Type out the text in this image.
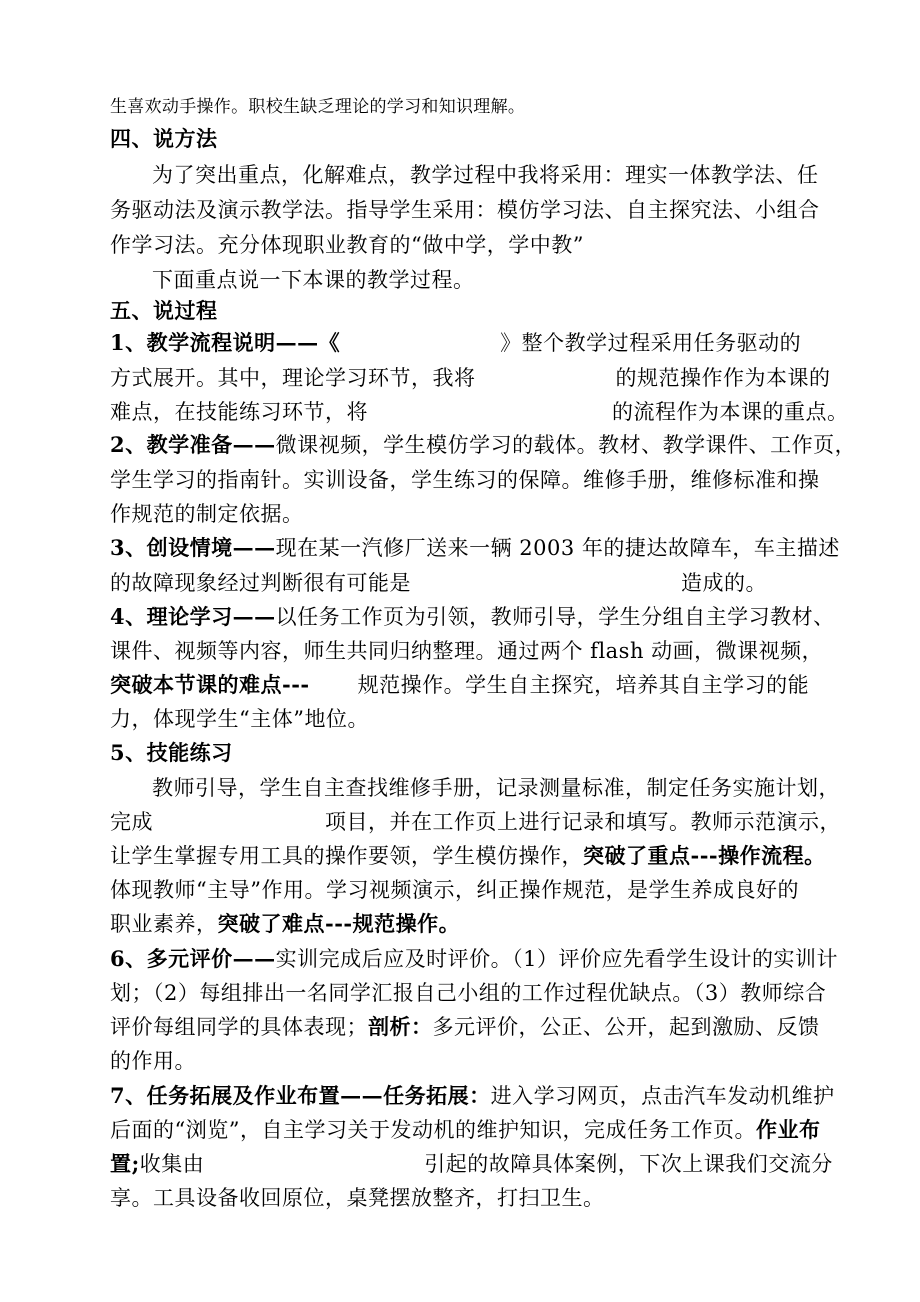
生喜欢动手操作。职校生缺乏理论的学习和知识理解。
四、说方法
为了突出重点，化解难点，教学过程中我将采用：理实一体教学法、任
务驱动法及演示教学法。指导学生采用：模仿学习法、自主探究法、小组合
作学习法。充分体现职业教育的“做中学，学中教”
下面重点说一下本课的教学过程。
五、说过程
1、教学流程说明——《	》整个教学过程采用任务驱动的
方式展开。其中，理论学习环节，我将	的规范操作作为本课的
难点，在技能练习环节，将	的流程作为本课的重点。
2、教学准备——微课视频，学生模仿学习的载体。教材、教学课件、工作页，
学生学习的指南针。实训设备，学生练习的保障。维修手册，维修标准和操
作规范的制定依据。
3、创设情境——现在某一汽修厂送来一辆 2003 年的捷达故障车，车主描述
的故障现象经过判断很有可能是	造成的。
4、理论学习——以任务工作页为引领，教师引导，学生分组自主学习教材、
课件、视频等内容，师生共同归纳整理。通过两个 flash 动画，微课视频，
突破本节课的难点--- 规范操作。学生自主探究，培养其自主学习的能
力，体现学生“主体”地位。
5、技能练习
教师引导，学生自主查找维修手册，记录测量标准，制定任务实施计划，
完成	项目，并在工作页上进行记录和填写。教师示范演示，
让学生掌握专用工具的操作要领，学生模仿操作，突破了重点---操作流程。
体现教师“主导”作用。学习视频演示，纠正操作规范，是学生养成良好的
职业素养，突破了难点---规范操作。
6、多元评价——实训完成后应及时评价。（1）评价应先看学生设计的实训计
划；（2）每组排出一名同学汇报自己小组的工作过程优缺点。（3）教师综合
评价每组同学的具体表现；剖析：多元评价，公正、公开，起到激励、反馈
的作用。
7、任务拓展及作业布置——任务拓展：进入学习网页，点击汽车发动机维护
后面的“浏览”，自主学习关于发动机的维护知识，完成任务工作页。作业布
置;收集由	引起的故障具体案例，下次上课我们交流分
享。工具设备收回原位，桌凳摆放整齐，打扫卫生。
